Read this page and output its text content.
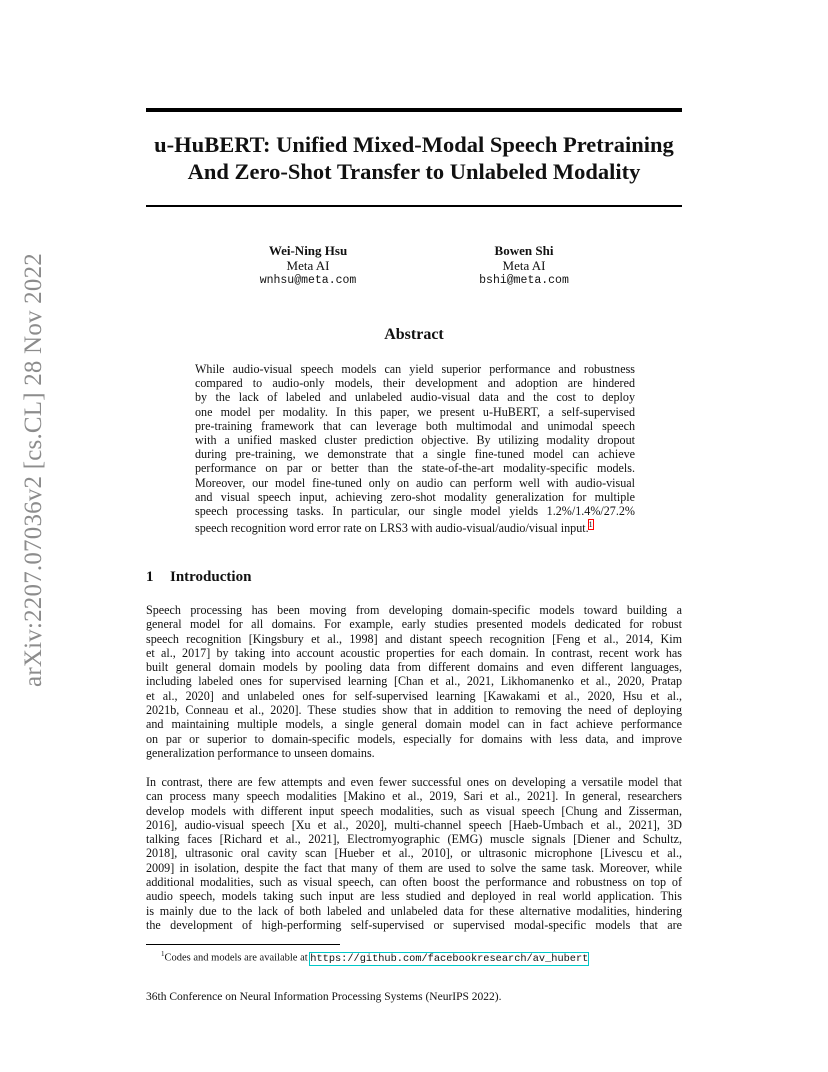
arXiv:2207.07036v2 [cs.CL] 28 Nov 2022
u-HuBERT: Unified Mixed-Modal Speech Pretraining
And Zero-Shot Transfer to Unlabeled Modality
Wei-Ning Hsu
Meta AI
wnhsu@meta.com
Bowen Shi
Meta AI
bshi@meta.com
Abstract
While audio-visual speech models can yield superior performance and robustness
compared to audio-only models, their development and adoption are hindered
by the lack of labeled and unlabeled audio-visual data and the cost to deploy
one model per modality. In this paper, we present u-HuBERT, a self-supervised
pre-training framework that can leverage both multimodal and unimodal speech
with a unified masked cluster prediction objective. By utilizing modality dropout
during pre-training, we demonstrate that a single fine-tuned model can achieve
performance on par or better than the state-of-the-art modality-specific models.
Moreover, our model fine-tuned only on audio can perform well with audio-visual
and visual speech input, achieving zero-shot modality generalization for multiple
speech processing tasks. In particular, our single model yields 1.2%/1.4%/27.2%
speech recognition word error rate on LRS3 with audio-visual/audio/visual input.$^1$
1 Introduction
Speech processing has been moving from developing domain-specific models toward building a
general model for all domains. For example, early studies presented models dedicated for robust
speech recognition [Kingsbury et al., 1998] and distant speech recognition [Feng et al., 2014, Kim
et al., 2017] by taking into account acoustic properties for each domain. In contrast, recent work has
built general domain models by pooling data from different domains and even different languages,
including labeled ones for supervised learning [Chan et al., 2021, Likhomanenko et al., 2020, Pratap
et al., 2020] and unlabeled ones for self-supervised learning [Kawakami et al., 2020, Hsu et al.,
2021b, Conneau et al., 2020]. These studies show that in addition to removing the need of deploying
and maintaining multiple models, a single general domain model can in fact achieve performance
on par or superior to domain-specific models, especially for domains with less data, and improve
generalization performance to unseen domains.
In contrast, there are few attempts and even fewer successful ones on developing a versatile model that
can process many speech modalities [Makino et al., 2019, Sari et al., 2021]. In general, researchers
develop models with different input speech modalities, such as visual speech [Chung and Zisserman,
2016], audio-visual speech [Xu et al., 2020], multi-channel speech [Haeb-Umbach et al., 2021], 3D
talking faces [Richard et al., 2021], Electromyographic (EMG) muscle signals [Diener and Schultz,
2018], ultrasonic oral cavity scan [Hueber et al., 2010], or ultrasonic microphone [Livescu et al.,
2009] in isolation, despite the fact that many of them are used to solve the same task. Moreover, while
additional modalities, such as visual speech, can often boost the performance and robustness on top of
audio speech, models taking such input are less studied and deployed in real world application. This
is mainly due to the lack of both labeled and unlabeled data for these alternative modalities, hindering
the development of high-performing self-supervised or supervised modal-specific models that are
$^1$Codes and models are available at https://github.com/facebookresearch/av_hubert
36th Conference on Neural Information Processing Systems (NeurIPS 2022).
